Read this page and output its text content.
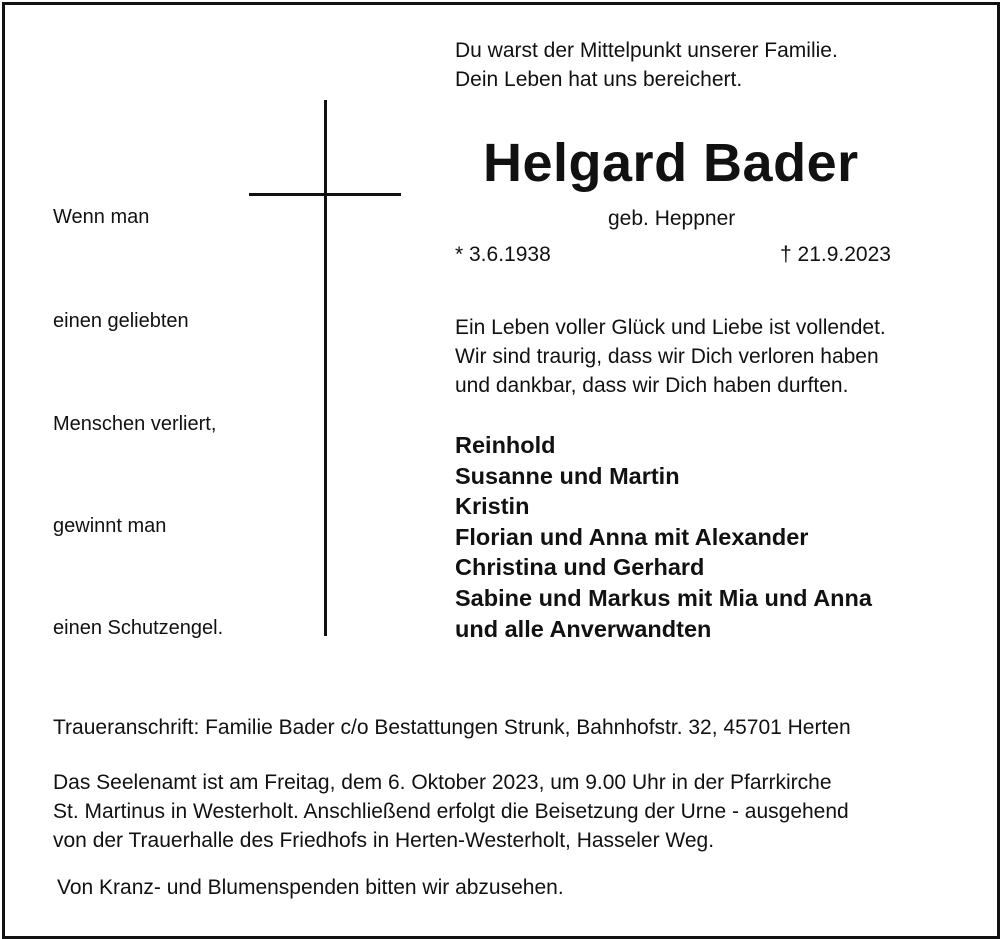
Du warst der Mittelpunkt unserer Familie.
Dein Leben hat uns bereichert.
Helgard Bader
geb. Heppner
* 3.6.1938	† 21.9.2023
Ein Leben voller Glück und Liebe ist vollendet.
Wir sind traurig, dass wir Dich verloren haben
und dankbar, dass wir Dich haben durften.
Reinhold
Susanne und Martin
Kristin
Florian und Anna mit Alexander
Christina und Gerhard
Sabine und Markus mit Mia und Anna
und alle Anverwandten
Wenn man
einen geliebten
Menschen verliert,
gewinnt man
einen Schutzengel.
Traueranschrift: Familie Bader c/o Bestattungen Strunk, Bahnhofstr. 32, 45701 Herten
Das Seelenamt ist am Freitag, dem 6. Oktober 2023, um 9.00 Uhr in der Pfarrkirche
St. Martinus in Westerholt. Anschließend erfolgt die Beisetzung der Urne - ausgehend
von der Trauerhalle des Friedhofs in Herten-Westerholt, Hasseler Weg.
Von Kranz- und Blumenspenden bitten wir abzusehen.
